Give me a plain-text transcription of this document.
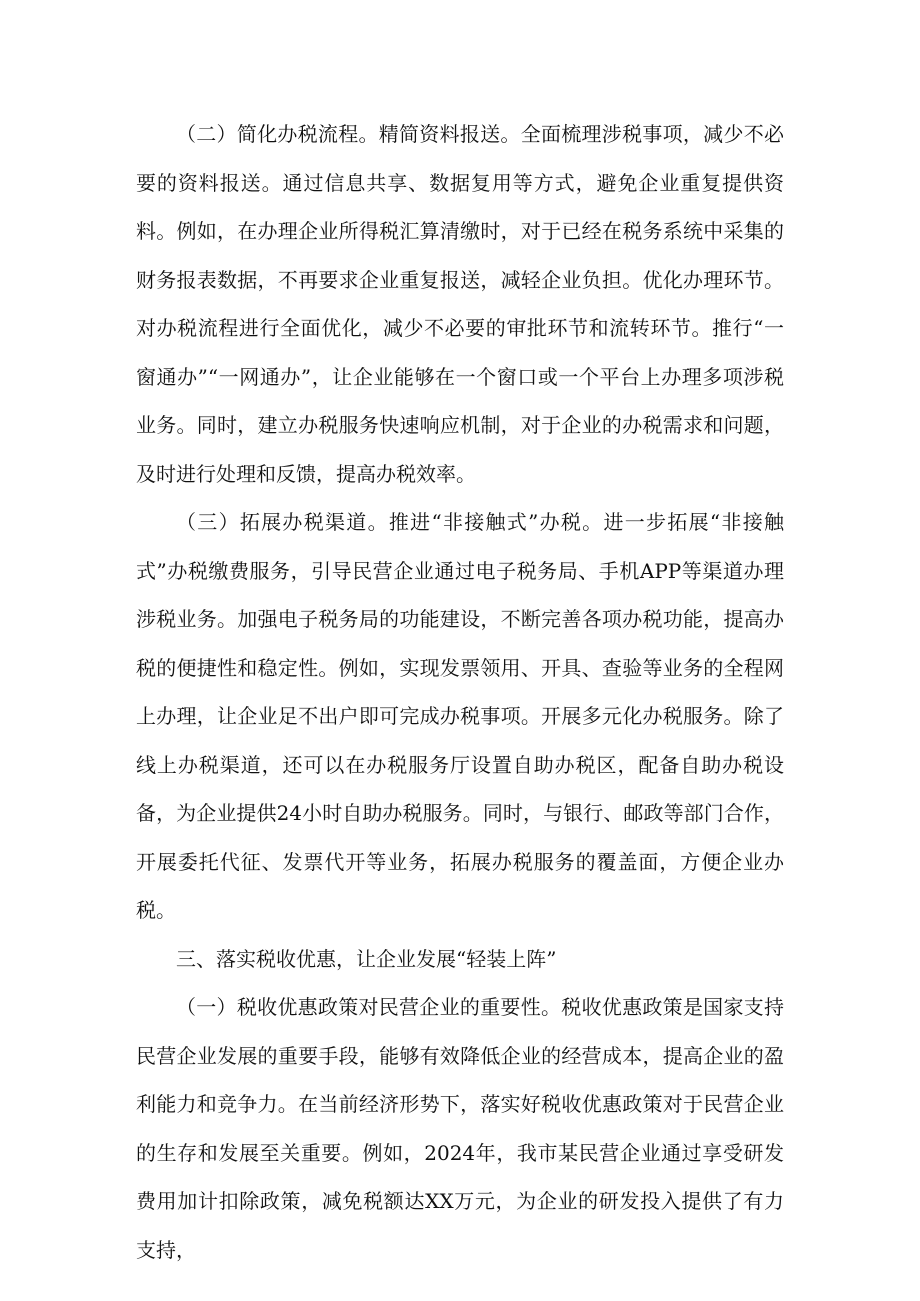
（二）简化办税流程。精简资料报送。全面梳理涉税事项，减少不必要的资料报送。通过信息共享、数据复用等方式，避免企业重复提供资料。例如，在办理企业所得税汇算清缴时，对于已经在税务系统中采集的财务报表数据，不再要求企业重复报送，减轻企业负担。优化办理环节。对办税流程进行全面优化，减少不必要的审批环节和流转环节。推行“一窗通办”“一网通办”，让企业能够在一个窗口或一个平台上办理多项涉税业务。同时，建立办税服务快速响应机制，对于企业的办税需求和问题，及时进行处理和反馈，提高办税效率。

（三）拓展办税渠道。推进“非接触式”办税。进一步拓展“非接触式”办税缴费服务，引导民营企业通过电子税务局、手机APP等渠道办理涉税业务。加强电子税务局的功能建设，不断完善各项办税功能，提高办税的便捷性和稳定性。例如，实现发票领用、开具、查验等业务的全程网上办理，让企业足不出户即可完成办税事项。开展多元化办税服务。除了线上办税渠道，还可以在办税服务厅设置自助办税区，配备自助办税设备，为企业提供24小时自助办税服务。同时，与银行、邮政等部门合作，开展委托代征、发票代开等业务，拓展办税服务的覆盖面，方便企业办税。

三、落实税收优惠，让企业发展“轻装上阵”

（一）税收优惠政策对民营企业的重要性。税收优惠政策是国家支持民营企业发展的重要手段，能够有效降低企业的经营成本，提高企业的盈利能力和竞争力。在当前经济形势下，落实好税收优惠政策对于民营企业的生存和发展至关重要。例如，2024年，我市某民营企业通过享受研发费用加计扣除政策，减免税额达XX万元，为企业的研发投入提供了有力支持，
